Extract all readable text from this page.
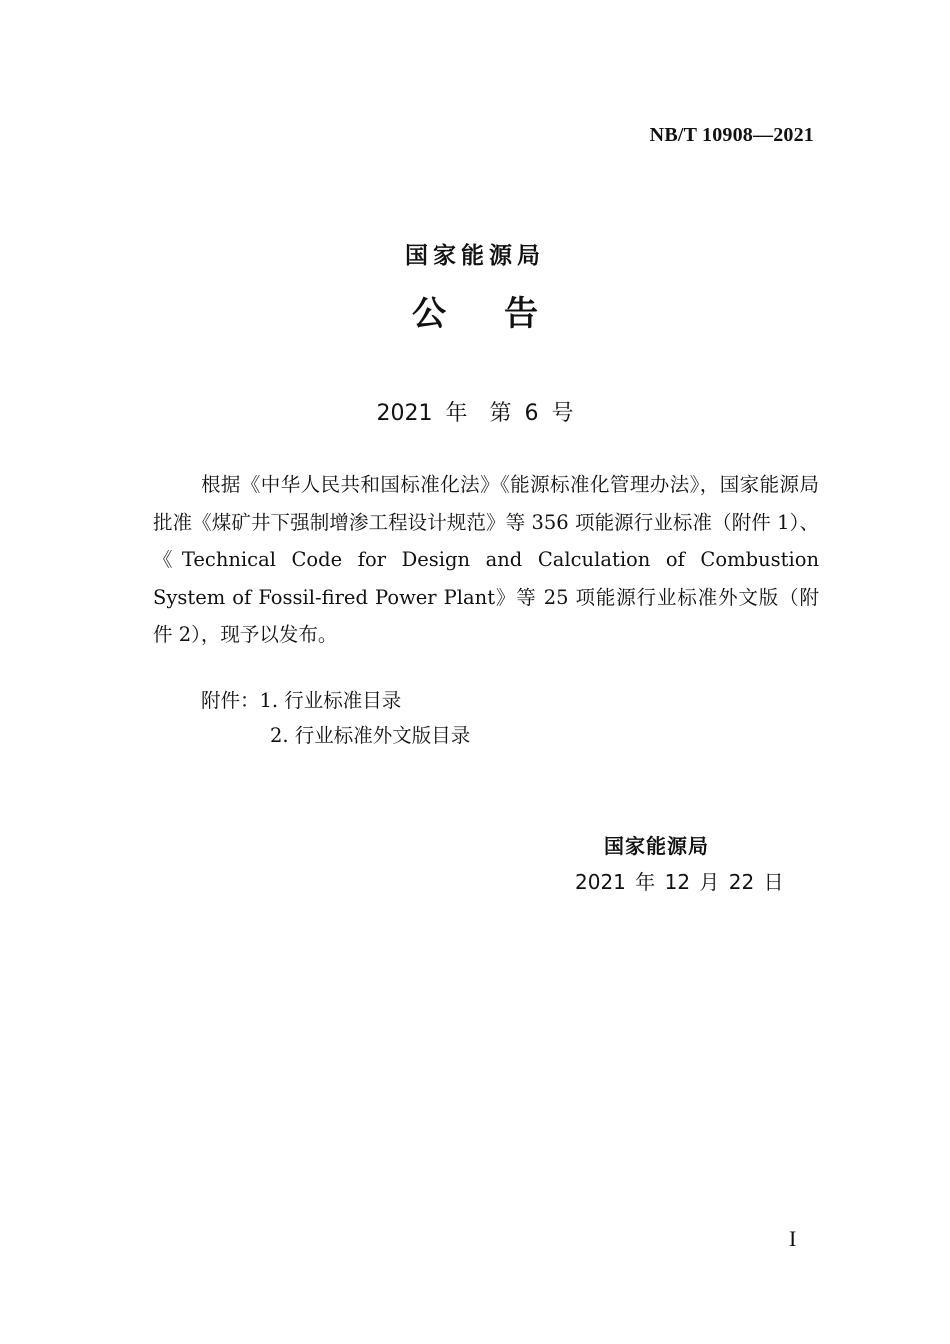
NB/T 10908—2021
国家能源局
公告
2021 年　第 6 号

根据《中华人民共和国标准化法》《能源标准化管理办法》，国家能源局批准《煤矿井下强制增渗工程设计规范》等 356 项能源行业标准（附件 1）、《Technical Code for Design and Calculation of Combustion System of Fossil-fired Power Plant》等 25 项能源行业标准外文版（附件 2），现予以发布。

附件：1. 行业标准目录
2. 行业标准外文版目录
国家能源局
2021 年 12 月 22 日
I
